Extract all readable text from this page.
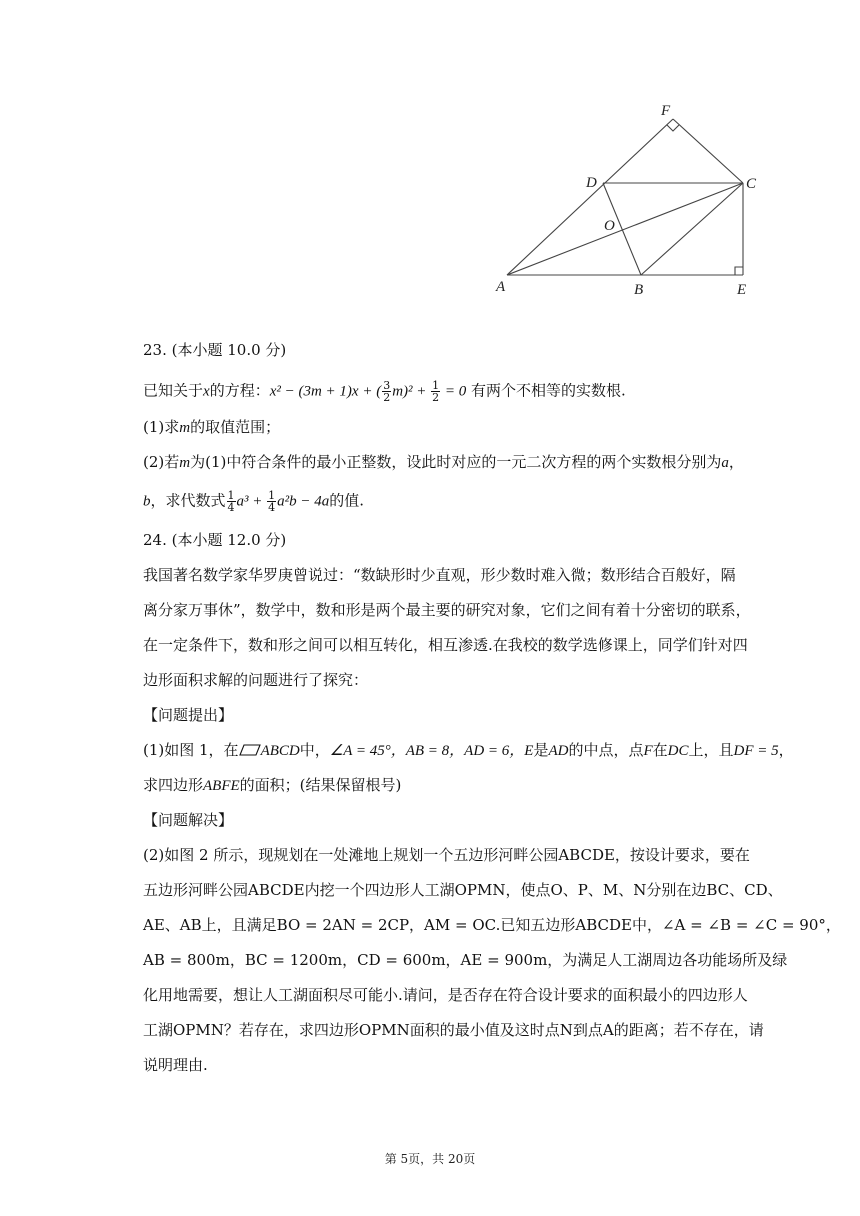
F
D	C
O
A	B	E
23. (本小题 10.0 分)
已知关于x的方程：x² − (3m + 1)x + ( $\frac{3}{2} m)^2 + \frac{1}{2} = 0$ 有两个不相等的实数根.
(1)求m的取值范围；
(2)若m为(1)中符合条件的最小正整数，设此时对应的一元二次方程的两个实数根分别为a，
b，求代数式 $\frac{1}{4} a^3 + \frac{1}{4} a^2b - 4a$的值.
24. (本小题 12.0 分)
我国著名数学家华罗庚曾说过：“数缺形时少直观，形少数时难入微；数形结合百般好，隔
离分家万事休”，数学中，数和形是两个最主要的研究对象，它们之间有着十分密切的联系，
在一定条件下，数和形之间可以相互转化，相互渗透.在我校的数学选修课上，同学们针对四
边形面积求解的问题进行了探究：
【问题提出】
(1)如图 1，在 ABCD中，∠A = 45°，AB = 8，AD = 6，E是AD的中点，点F在DC上，且DF = 5，
求四边形ABFE的面积；(结果保留根号)
【问题解决】
(2)如图 2 所示，现规划在一处滩地上规划一个五边形河畔公园ABCDE，按设计要求，要在
五边形河畔公园ABCDE内挖一个四边形人工湖OPMN，使点O、P、M、N分别在边BC、CD、
AE、AB上，且满足BO = 2AN = 2CP，AM = OC.已知五边形ABCDE中，∠A = ∠B = ∠C = 90°，
AB = 800m，BC = 1200m，CD = 600m，AE = 900m，为满足人工湖周边各功能场所及绿
化用地需要，想让人工湖面积尽可能小.请问，是否存在符合设计要求的面积最小的四边形人
工湖OPMN？若存在，求四边形OPMN面积的最小值及这时点N到点A的距离；若不存在，请
说明理由.
第 5页，共 20页
